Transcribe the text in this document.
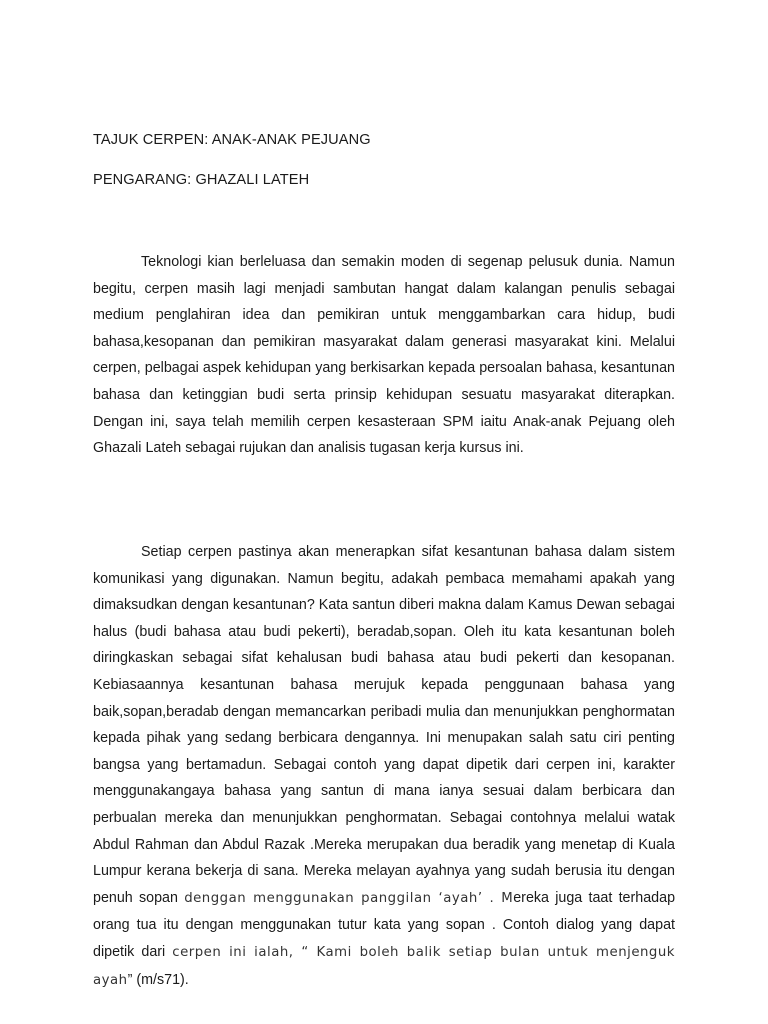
TAJUK CERPEN: ANAK-ANAK PEJUANG

PENGARANG: GHAZALI LATEH

Teknologi kian berleluasa dan semakin moden di segenap pelusuk dunia. Namun begitu, cerpen masih lagi menjadi sambutan hangat dalam kalangan penulis sebagai medium penglahiran idea dan pemikiran untuk menggambarkan cara hidup, budi bahasa,kesopanan dan pemikiran masyarakat dalam generasi masyarakat kini. Melalui cerpen, pelbagai aspek kehidupan yang berkisarkan kepada persoalan bahasa, kesantunan bahasa dan ketinggian budi serta prinsip kehidupan sesuatu masyarakat diterapkan. Dengan ini, saya telah memilih cerpen kesasteraan SPM iaitu Anak-anak Pejuang oleh Ghazali Lateh sebagai rujukan dan analisis tugasan kerja kursus ini.

Setiap cerpen pastinya akan menerapkan sifat kesantunan bahasa dalam sistem komunikasi yang digunakan. Namun begitu, adakah pembaca memahami apakah yang dimaksudkan dengan kesantunan? Kata santun diberi makna dalam Kamus Dewan sebagai halus (budi bahasa atau budi pekerti), beradab,sopan. Oleh itu kata kesantunan boleh diringkaskan sebagai sifat kehalusan budi bahasa atau budi pekerti dan kesopanan. Kebiasaannya kesantunan bahasa merujuk kepada penggunaan bahasa yang baik,sopan,beradab dengan memancarkan peribadi mulia dan menunjukkan penghormatan kepada pihak yang sedang berbicara dengannya. Ini menupakan salah satu ciri penting bangsa yang bertamadun. Sebagai contoh yang dapat dipetik dari cerpen ini, karakter menggunakangaya bahasa yang santun di mana ianya sesuai dalam berbicara dan perbualan mereka dan menunjukkan penghormatan. Sebagai contohnya melalui watak Abdul Rahman dan Abdul Razak .Mereka merupakan dua beradik yang menetap di Kuala Lumpur kerana bekerja di sana. Mereka melayan ayahnya yang sudah berusia itu dengan penuh sopan denggan menggunakan panggilan ‘ayah’ . Mereka juga taat terhadap orang tua itu dengan menggunakan tutur kata yang sopan . Contoh dialog yang dapat dipetik dari cerpen ini ialah, “ Kami boleh balik setiap bulan untuk menjenguk ayah” (m/s71).
